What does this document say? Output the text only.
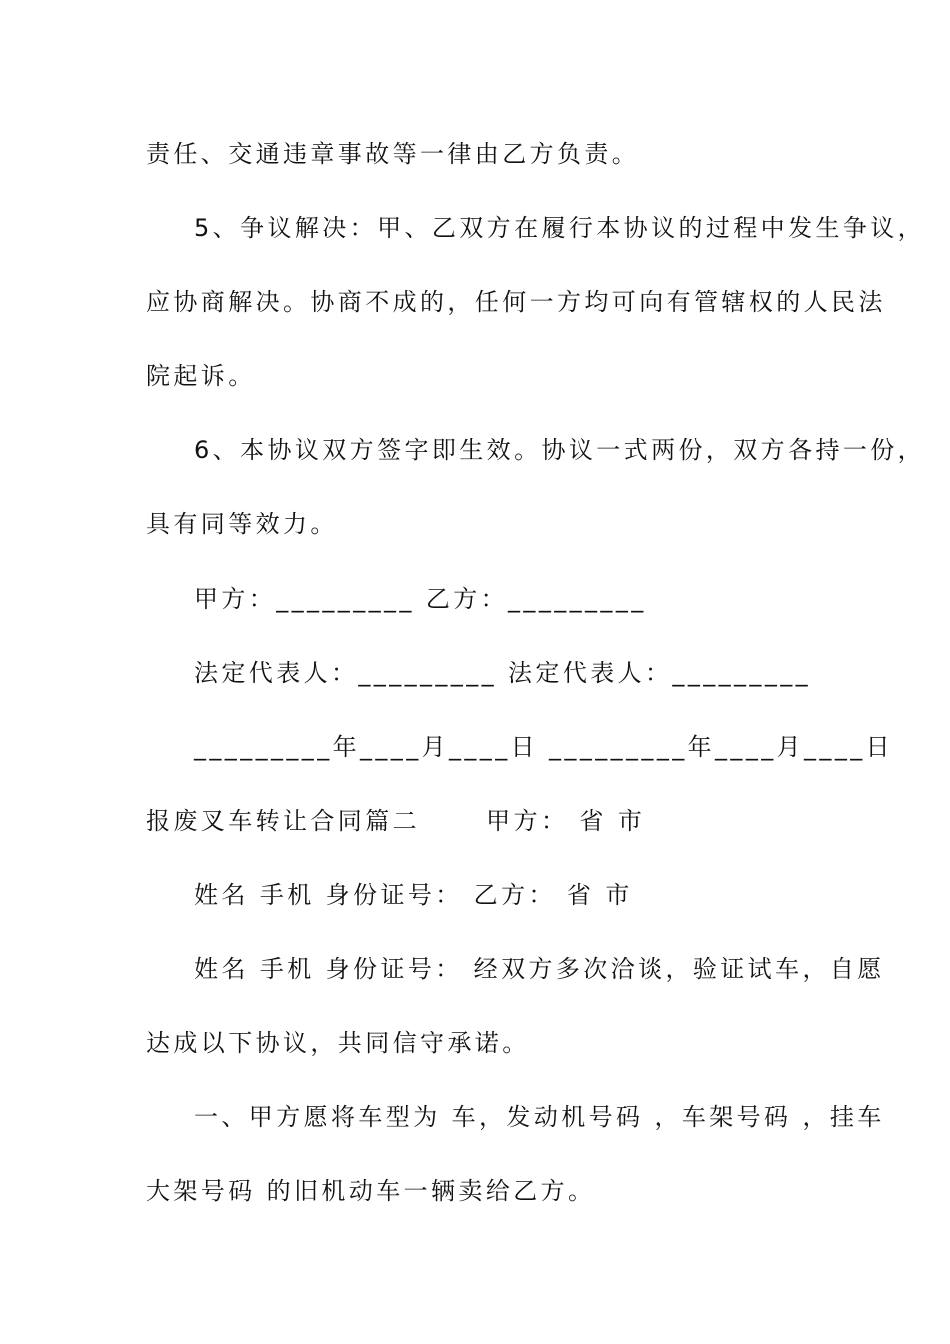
责任、交通违章事故等一律由乙方负责。
5、争议解决：甲、乙双方在履行本协议的过程中发生争议，
应协商解决。协商不成的，任何一方均可向有管辖权的人民法
院起诉。
6、本协议双方签字即生效。协议一式两份，双方各持一份，
具有同等效力。
甲方：_________ 乙方：_________
法定代表人：_________ 法定代表人：_________
_________年____月____日 _________年____月____日
报废叉车转让合同篇二      甲方： 省 市
姓名 手机 身份证号： 乙方： 省 市
姓名 手机 身份证号： 经双方多次洽谈，验证试车，自愿
达成以下协议，共同信守承诺。
一、甲方愿将车型为 车，发动机号码 ，车架号码 ，挂车
大架号码 的旧机动车一辆卖给乙方。
